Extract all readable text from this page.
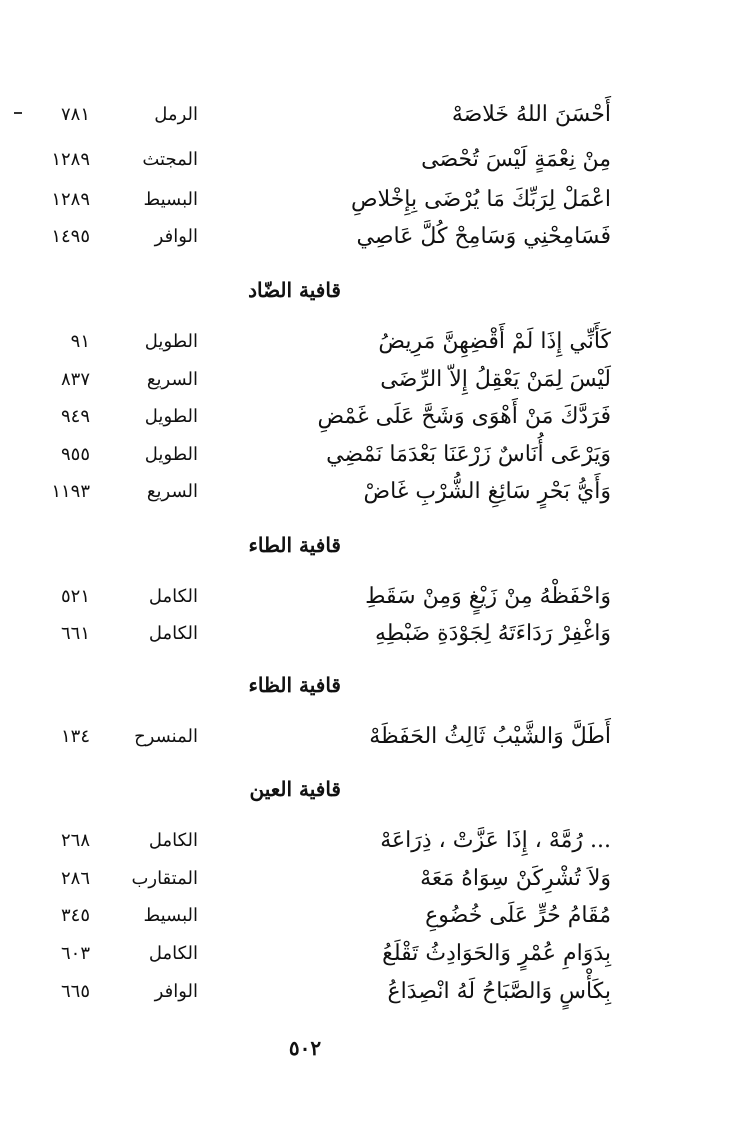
أَحْسَنَ اللهُ خَلاصَهْ
الرمل
٧٨١
مِنْ نِعْمَةٍ لَيْسَ تُحْصَى
المجتث
١٢٨٩
اعْمَلْ لِرَبِّكَ مَا يُرْضَى بِإِخْلاصِ
البسيط
١٢٨٩
فَسَامِحْنِي وَسَامِحْ كُلَّ عَاصِي
الوافر
١٤٩٥
قافية الضّاد
كَأَنِّي إِذَا لَمْ أَقْضِهِنَّ مَرِيضُ
الطويل
٩١
لَيْسَ لِمَنْ يَعْقِلُ إِلاّ الرِّضَى
السريع
٨٣٧
فَرَدَّكَ مَنْ أَهْوَى وَشَحَّ عَلَى غَمْضِ
الطويل
٩٤٩
وَيَرْعَى أُنَاسٌ زَرْعَنَا بَعْدَمَا نَمْضِي
الطويل
٩٥٥
وَأَيُّ بَحْرٍ سَائِغِ الشُّرْبِ غَاضْ
السريع
١١٩٣
قافية الطاء
وَاحْفَظْهُ مِنْ زَيْغٍ وَمِنْ سَقَطِ
الكامل
٥٢١
وَاغْفِرْ رَدَاءَتَهُ لِجَوْدَةِ ضَبْطِهِ
الكامل
٦٦١
قافية الظاء
أَطَلَّ وَالشَّيْبُ ثَالِثُ الحَفَظَهْ
المنسرح
١٣٤
قافية العين
... رُمَّهْ ، إِذَا عَزَّتْ ، ذِرَاعَهْ
الكامل
٢٦٨
وَلاَ تُشْرِكَنْ سِوَاهُ مَعَهْ
المتقارب
٢٨٦
مُقَامُ حُرٍّ عَلَى خُضُوعِ
البسيط
٣٤٥
بِدَوَامِ عُمْرٍ وَالحَوَادِثُ تَقْلَعُ
الكامل
٦٠٣
بِكَأْسٍ وَالصَّبَاحُ لَهُ انْصِدَاعُ
الوافر
٦٦٥
٥٠٢
